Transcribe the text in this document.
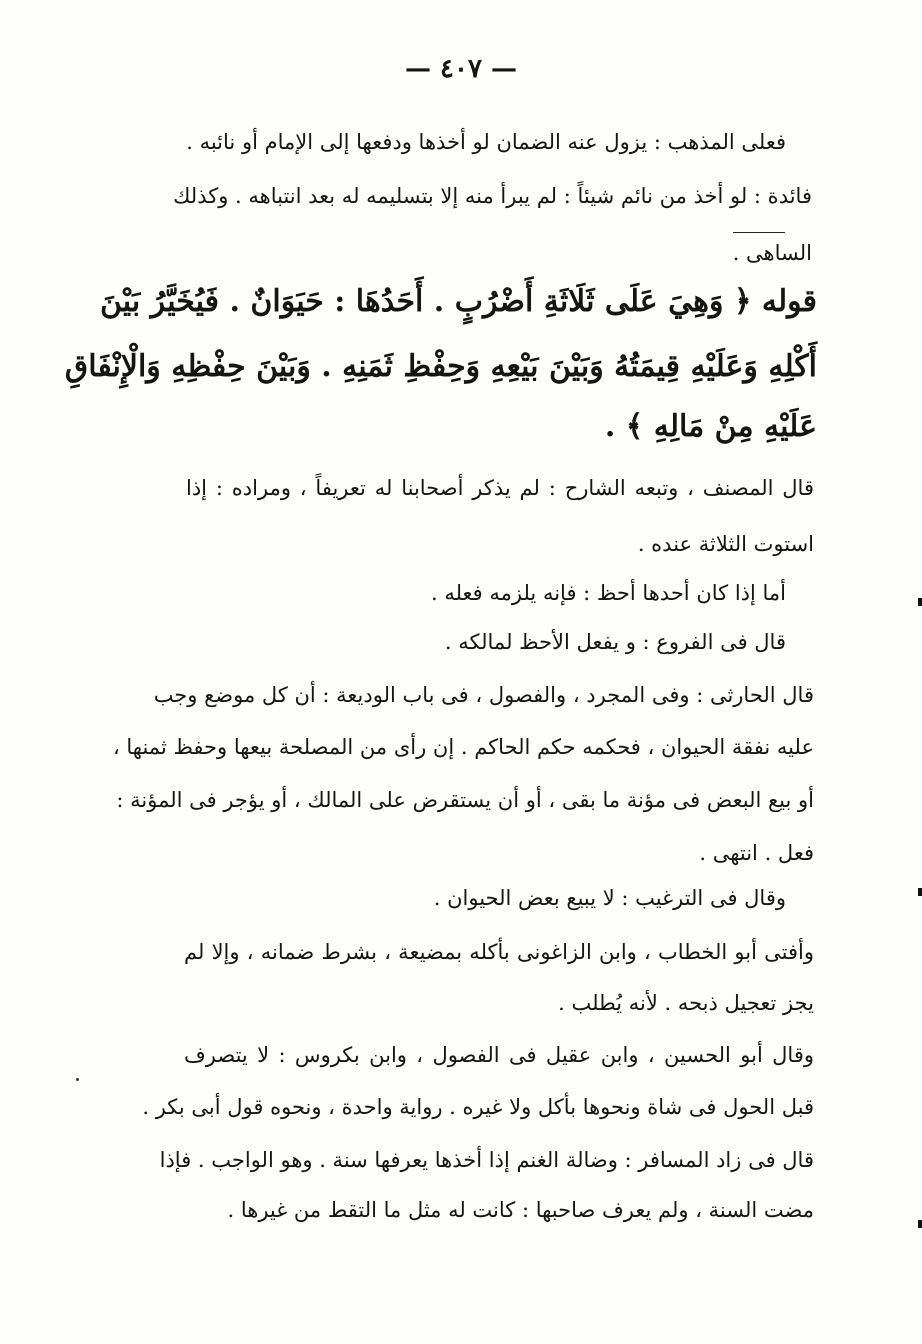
— ٤٠٧ —
فعلى المذهب : يزول عنه الضمان لو أخذها ودفعها إلى الإمام أو نائبه .
فائدة : لو أخذ من نائم شيئاً : لم يبرأ منه إلا بتسليمه له بعد انتباهه . وكذلك
الساهى .
قوله ﴿ وَهِيَ عَلَى ثَلَاثَةِ أَضْرُبٍ . أَحَدُهَا : حَيَوَانٌ . فَيُخَيَّرُ بَيْنَ
أَكْلِهِ وَعَلَيْهِ قِيمَتُهُ وَبَيْنَ بَيْعِهِ وَحِفْظِ ثَمَنِهِ . وَبَيْنَ حِفْظِهِ وَالْإِنْفَاقِ
عَلَيْهِ مِنْ مَالِهِ ﴾ .
قال المصنف ، وتبعه الشارح : لم يذكر أصحابنا له تعريفاً ، ومراده : إذا
استوت الثلاثة عنده .
أما إذا كان أحدها أحظ : فإنه يلزمه فعله .
قال فى الفروع : و يفعل الأحظ لمالكه .
قال الحارثى : وفى المجرد ، والفصول ، فى باب الوديعة : أن كل موضع وجب
عليه نفقة الحيوان ، فحكمه حكم الحاكم . إن رأى من المصلحة بيعها وحفظ ثمنها ،
أو بيع البعض فى مؤنة ما بقى ، أو أن يستقرض على المالك ، أو يؤجر فى المؤنة :
فعل . انتهى .
وقال فى الترغيب : لا يبيع بعض الحيوان .
وأفتى أبو الخطاب ، وابن الزاغونى بأكله بمضيعة ، بشرط ضمانه ، وإلا لم
يجز تعجيل ذبحه . لأنه يُطلب .
وقال أبو الحسين ، وابن عقيل فى الفصول ، وابن بكروس : لا يتصرف
قبل الحول فى شاة ونحوها بأكل ولا غيره . رواية واحدة ، ونحوه قول أبى بكر .
قال فى زاد المسافر : وضالة الغنم إذا أخذها يعرفها سنة . وهو الواجب . فإذا
مضت السنة ، ولم يعرف صاحبها : كانت له مثل ما التقط من غيرها .
